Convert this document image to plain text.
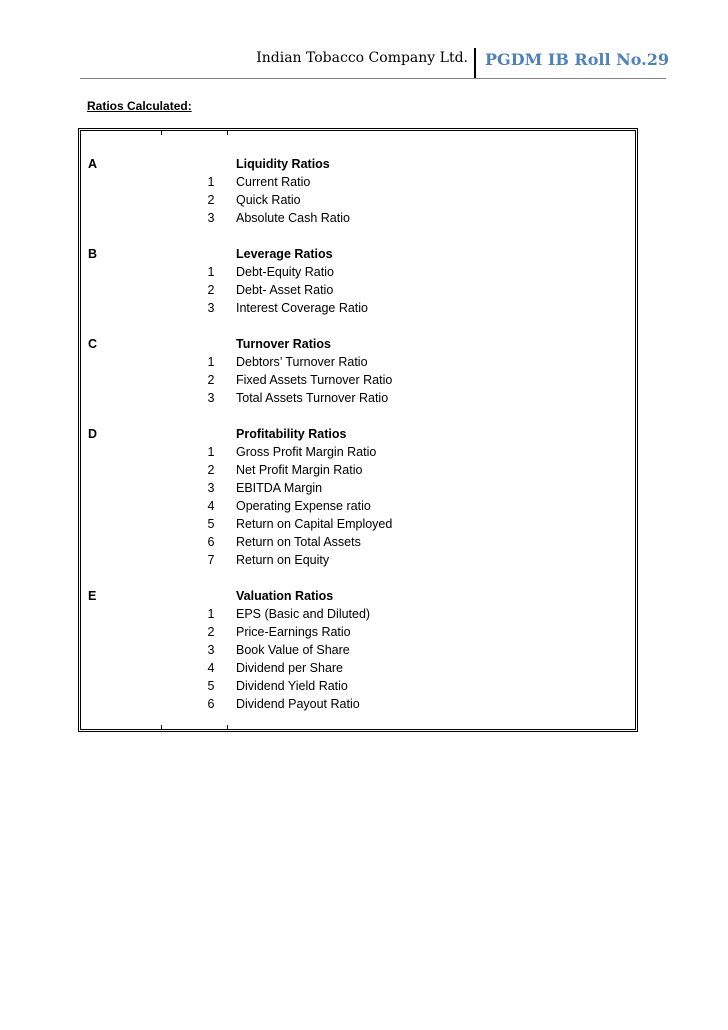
Indian Tobacco Company Ltd. PGDM IB Roll No.29
Ratios Calculated:
A	Liquidity Ratios
1	Current Ratio
2	Quick Ratio
3	Absolute Cash Ratio
B	Leverage Ratios
1	Debt-Equity Ratio
2	Debt- Asset Ratio
3	Interest Coverage Ratio
C	Turnover Ratios
1	Debtors’ Turnover Ratio
2	Fixed Assets Turnover Ratio
3	Total Assets Turnover Ratio
D	Profitability Ratios
1	Gross Profit Margin Ratio
2	Net Profit Margin Ratio
3	EBITDA Margin
4	Operating Expense ratio
5	Return on Capital Employed
6	Return on Total Assets
7	Return on Equity
E	Valuation Ratios
1	EPS (Basic and Diluted)
2	Price-Earnings Ratio
3	Book Value of Share
4	Dividend per Share
5	Dividend Yield Ratio
6	Dividend Payout Ratio
